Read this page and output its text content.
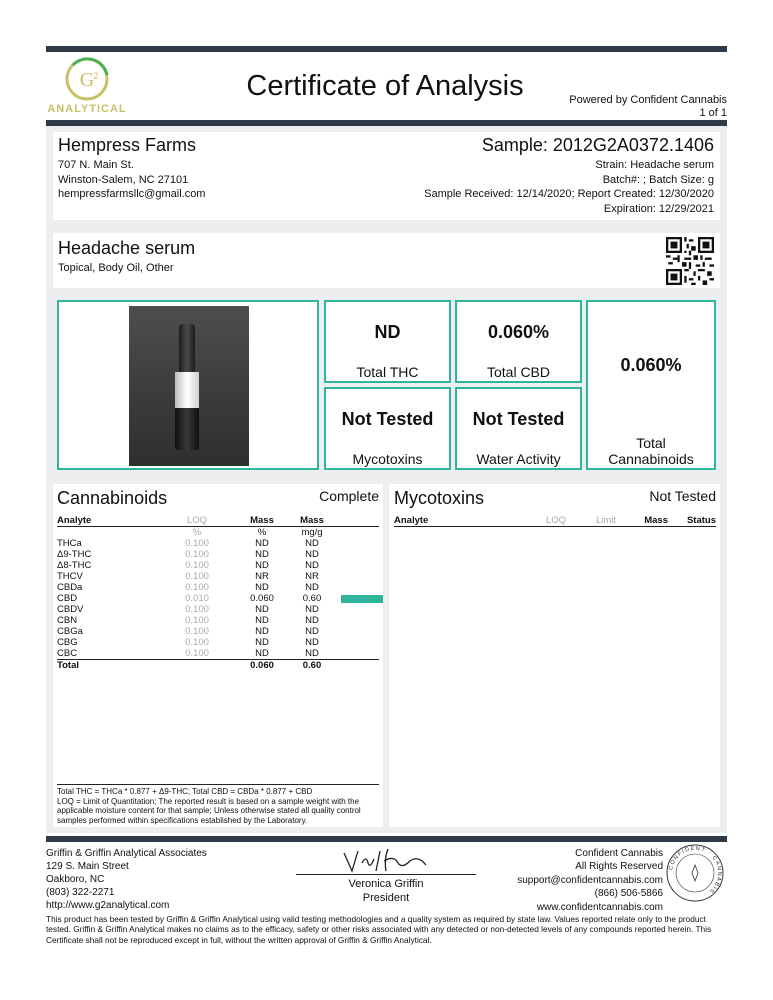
G 2
ANALYTICAL
Certificate of Analysis	Powered by Confident Cannabis
1 of 1
Hempress Farms
707 N. Main St.
Winston-Salem, NC 27101
hempressfarmsllc@gmail.com
Sample: 2012G2A0372.1406
Strain: Headache serum
Batch#: ; Batch Size: g
Sample Received: 12/14/2020; Report Created: 12/30/2020
Expiration: 12/29/2021
Headache serum
Topical, Body Oil, Other
ND
Total THC
0.060%
Total CBD	0.060%
Total
Cannabinoids
Not Tested
Mycotoxins
Not Tested
Water Activity
Cannabinoids	Complete
Analyte	LOQ	Mass	Mass	
	%	%	mg/g	
THCa	0.100	ND	ND	
Δ9-THC	0.100	ND	ND	
Δ8-THC	0.100	ND	ND	
THCV	0.100	NR	NR	
CBDa	0.100	ND	ND	
CBD	0.010	0.060	0.60	

CBDV	0.100	ND	ND	
CBN	0.100	ND	ND	
CBGa	0.100	ND	ND	
CBG	0.100	ND	ND	
CBC	0.100	ND	ND	
Total		0.060	0.60	
Total THC = THCa * 0.877 + Δ9-THC; Total CBD = CBDa * 0.877 + CBD
LOQ = Limit of Quantitation; The reported result is based on a sample weight with the applicable moisture content for that sample; Unless otherwise stated all quality control samples performed within specifications established by the Laboratory.
Mycotoxins	Not Tested
Analyte	LOQ	Limit	Mass	Status
Griffin & Griffin Analytical Associates
129 S. Main Street
Oakboro, NC
(803) 322-2271
http://www.g2analytical.com
Veronica Griffin
President
Confident Cannabis
All Rights Reserved
support@confidentcannabis.com
(866) 506-5866
www.confidentcannabis.com
CONFIDENT · CANNABIS ·
This product has been tested by Griffin & Griffin Analytical using valid testing methodologies and a quality system as required by state law. Values reported relate only to the product tested. Griffin & Griffin Analytical makes no claims as to the efficacy, safety or other risks associated with any detected or non-detected levels of any compounds reported herein. This Certificate shall not be reproduced except in full, without the written approval of Griffin & Griffin Analytical.
